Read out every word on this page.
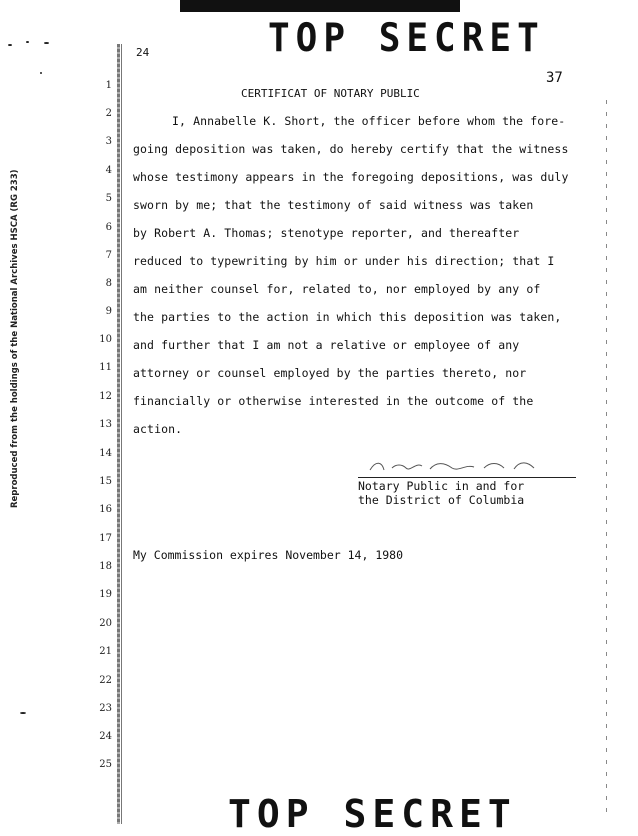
TOP SECRET
Reproduced from the holdings of the National Archives HSCA (RG 233)
24
37
CERTIFICAT OF NOTARY PUBLIC
I, Annabelle K. Short, the officer before whom the fore-
going deposition was taken, do hereby certify that the witness
whose testimony appears in the foregoing depositions, was duly
sworn by me; that the testimony of said witness was taken
by Robert A. Thomas; stenotype reporter, and thereafter
reduced to typewriting by him or under his direction; that I
am neither counsel for, related to, nor employed by any of
the parties to the action in which this deposition was taken,
and further that I am not a relative or employee of any
attorney or counsel employed by the parties thereto, nor
financially or otherwise interested in the outcome of the
action.
Notary Public in and for
the District of Columbia
My Commission expires November 14, 1980
1
2
3
4
5
6
7
8
9
10
11
12
13
14
15
16
17
18
19
20
21
22
23
24
25
TOP SECRET
